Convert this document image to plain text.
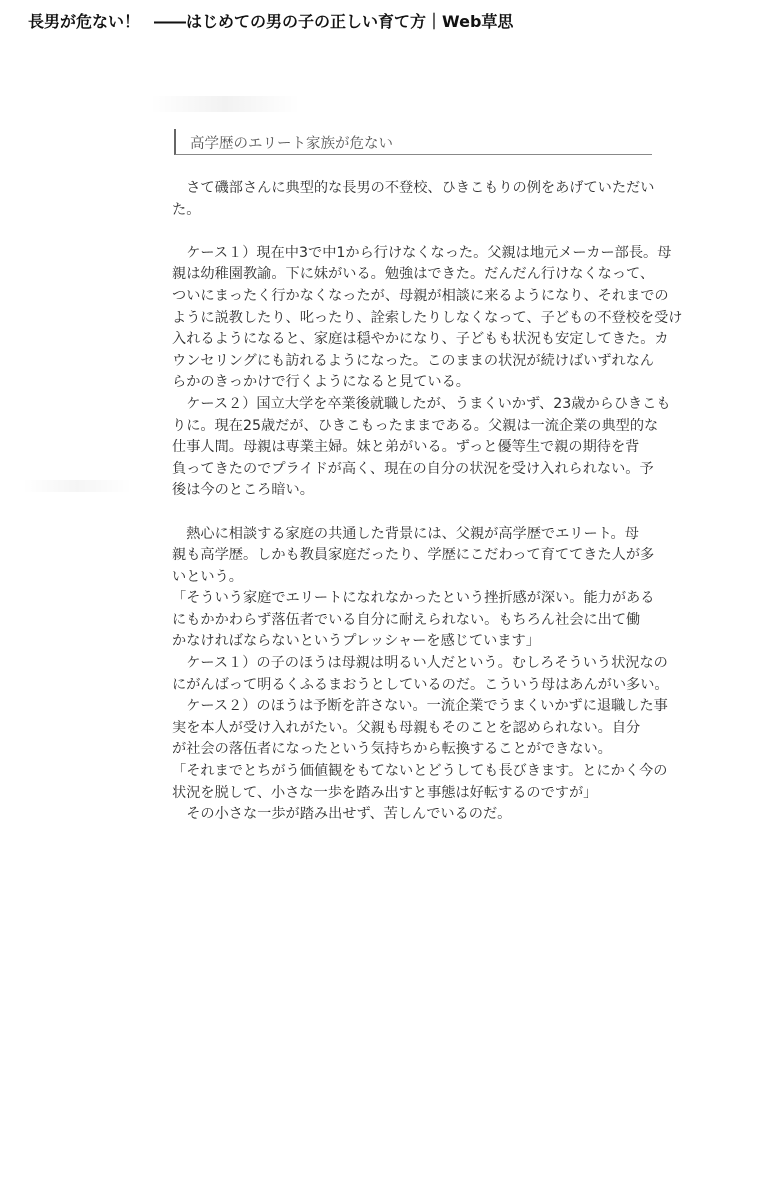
長男が危ない！ ――はじめての男の子の正しい育て方｜Web草思
高学歴のエリート家族が危ない
　さて磯部さんに典型的な長男の不登校、ひきこもりの例をあげていただい
た。
　ケース１）現在中3で中1から行けなくなった。父親は地元メーカー部長。母
親は幼稚園教諭。下に妹がいる。勉強はできた。だんだん行けなくなって、
ついにまったく行かなくなったが、母親が相談に来るようになり、それまでの
ように説教したり、叱ったり、詮索したりしなくなって、子どもの不登校を受け
入れるようになると、家庭は穏やかになり、子どもも状況も安定してきた。カ
ウンセリングにも訪れるようになった。このままの状況が続けばいずれなん
らかのきっかけで行くようになると見ている。
　ケース２）国立大学を卒業後就職したが、うまくいかず、23歳からひきこも
りに。現在25歳だが、ひきこもったままである。父親は一流企業の典型的な
仕事人間。母親は専業主婦。妹と弟がいる。ずっと優等生で親の期待を背
負ってきたのでプライドが高く、現在の自分の状況を受け入れられない。予
後は今のところ暗い。
　熱心に相談する家庭の共通した背景には、父親が高学歴でエリート。母
親も高学歴。しかも教員家庭だったり、学歴にこだわって育ててきた人が多
いという。
「そういう家庭でエリートになれなかったという挫折感が深い。能力がある
にもかかわらず落伍者でいる自分に耐えられない。もちろん社会に出て働
かなければならないというプレッシャーを感じています」
　ケース１）の子のほうは母親は明るい人だという。むしろそういう状況なの
にがんばって明るくふるまおうとしているのだ。こういう母はあんがい多い。
　ケース２）のほうは予断を許さない。一流企業でうまくいかずに退職した事
実を本人が受け入れがたい。父親も母親もそのことを認められない。自分
が社会の落伍者になったという気持ちから転換することができない。
「それまでとちがう価値観をもてないとどうしても長びきます。とにかく今の
状況を脱して、小さな一歩を踏み出すと事態は好転するのですが」
　その小さな一歩が踏み出せず、苦しんでいるのだ。
